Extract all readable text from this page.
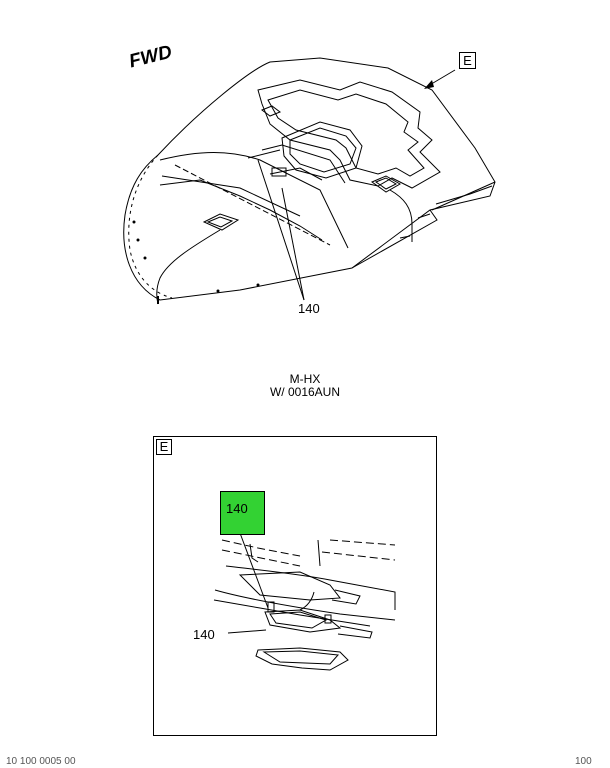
FWD	E
140
M-HX
W/ 0016AUN
E
140
140
10 100 0005 00	100
